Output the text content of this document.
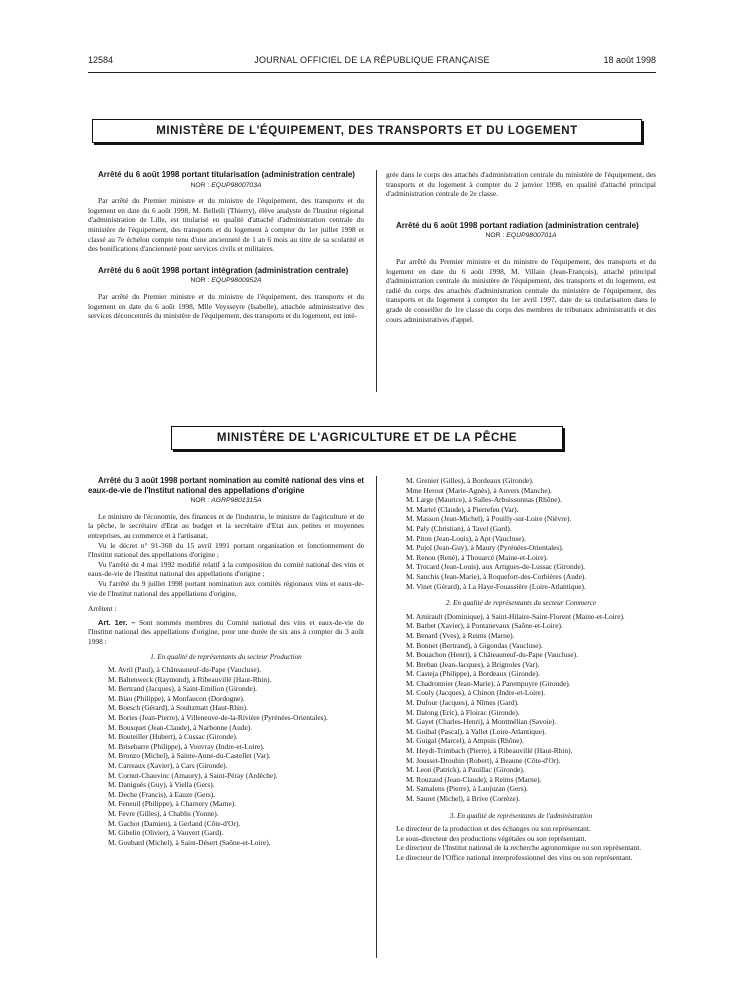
12584	JOURNAL OFFICIEL DE LA RÉPUBLIQUE FRANÇAISE	18 août 1998
MINISTÈRE DE L'ÉQUIPEMENT, DES TRANSPORTS ET DU LOGEMENT

Arrêté du 6 août 1998 portant titularisation (administration centrale)

NOR : EQUP9800703A

Par arrêté du Premier ministre et du ministre de l'équipement, des transports et du logement en date du 6 août 1998, M. Belleili (Thierry), élève analyste de l'Institut régional d'administration de Lille, est titularisé en qualité d'attaché d'administration centrale du ministère de l'équipement, des transports et du logement à compter du 1er juillet 1998 et classé au 7e échelon compte tenu d'une ancienneté de 1 an 6 mois au titre de sa scolarité et des bonifications d'ancienneté pour services civils et militaires.

Arrêté du 6 août 1998 portant intégration (administration centrale)

NOR : EQUP9800952A

Par arrêté du Premier ministre et du ministre de l'équipement, des transports et du logement en date du 6 août 1998, Mlle Veysseyre (Isabelle), attachée administrative des services déconcentrés du ministère de l'équipement, des transports et du logement, est inté-

grée dans le corps des attachés d'administration centrale du ministère de l'équipement, des transports et du logement à compter du 2 janvier 1998, en qualité d'attaché principal d'administration centrale de 2e classe.

Arrêté du 6 août 1998 portant radiation (administration centrale)

NOR : EQUP9800701A

Par arrêté du Premier ministre et du ministre de l'équipement, des transports et du logement en date du 6 août 1998, M. Villain (Jean-François), attaché principal d'administration centrale du ministère de l'équipement, des transports et du logement, est radié du corps des attachés d'administration centrale du ministère de l'équipement, des transports et du logement à compter du 1er avril 1997, date de sa titularisation dans le grade de conseiller de 1re classe du corps des membres de tribunaux administratifs et des cours administratives d'appel.

MINISTÈRE DE L'AGRICULTURE ET DE LA PÊCHE

Arrêté du 3 août 1998 portant nomination au comité national des vins et eaux-de-vie de l'Institut national des appellations d'origine

NOR : AGRP9801315A

Le ministre de l'économie, des finances et de l'industrie, le ministre de l'agriculture et de la pêche, le secrétaire d'Etat au budget et la secrétaire d'Etat aux petites et moyennes entreprises, au commerce et à l'artisanat,

Vu le décret n° 91-368 du 15 avril 1991 portant organisation et fonctionnement de l'Institut national des appellations d'origine ;

Vu l'arrêté du 4 mai 1992 modifié relatif à la composition du comité national des vins et eaux-de-vie de l'Institut national des appellations d'origine ;

Vu l'arrêté du 9 juillet 1998 portant nomination aux comités régionaux vins et eaux-de-vie de l'Institut national des appellations d'origine,

Arrêtent :

Art. 1er. – Sont nommés membres du Comité national des vins et eaux-de-vie de l'Institut national des appellations d'origine, pour une durée de six ans à compter du 3 août 1998 :

1. En qualité de représentants du secteur Production

M. Avril (Paul), à Châteauneuf-du-Pape (Vaucluse).

M. Baltenweck (Raymond), à Ribeauvillé (Haut-Rhin).

M. Bertrand (Jacques), à Saint-Emilion (Gironde).

M. Biau (Philippe), à Monfaucon (Dordogne).

M. Boesch (Gérard), à Soultzmatt (Haut-Rhin).

M. Bories (Jean-Pierre), à Villeneuve-de-la-Rivière (Pyrénées-Orientales).

M. Bousquet (Jean-Claude), à Narbonne (Aude).

M. Bouteiller (Hubert), à Cussac (Gironde).

M. Brisebarre (Philippe), à Vouvray (Indre-et-Loire).

M. Bronzo (Michel), à Sainte-Anne-du-Castellet (Var).

M. Carreaux (Xavier), à Cars (Gironde).

M. Cornut-Chauvinc (Amaury), à Saint-Péray (Ardèche).

M. Daniguès (Guy), à Viella (Gers).

M. Deche (Francis), à Eauze (Gers).

M. Feneuil (Philippe), à Charnery (Marne).

M. Fevre (Gilles), à Chablis (Yonne).

M. Gachot (Damien), à Gerland (Côte-d'Or).

M. Gibelin (Olivier), à Vauvert (Gard).

M. Goubard (Michel), à Saint-Désert (Saône-et-Loire).

M. Grenier (Gilles), à Bordeaux (Gironde).

Mme Herout (Marie-Agnès), à Auvers (Manche).

M. Large (Maurice), à Salles-Arbuissonnas (Rhône).

M. Martel (Claude), à Pierrefeu (Var).

M. Masson (Jean-Michel), à Pouilly-sur-Loire (Nièvre).

M. Paly (Christian), à Tavel (Gard).

M. Piton (Jean-Louis), à Apt (Vaucluse).

M. Pujol (Jean-Guy), à Maury (Pyrénées-Orientales).

M. Renou (René), à Thouarcé (Maine-et-Loire).

M. Trocard (Jean-Louis), aux Artigues-de-Lussac (Gironde).

M. Sanchis (Jean-Marie), à Roquefort-des-Corbières (Aude).

M. Vinet (Gérard), à La Haye-Fouassière (Loire-Atlantique).

2. En qualité de représentants du secteur Commerce

M. Amirault (Dominique), à Saint-Hilaire-Saint-Florent (Maine-et-Loire).

M. Barbet (Xavier), à Pontanevaux (Saône-et-Loire).

M. Benard (Yves), à Reims (Marne).

M. Bonnet (Bertrand), à Gigondas (Vaucluse).

M. Bouachon (Henri), à Châteauneuf-du-Pape (Vaucluse).

M. Breban (Jean-Jacques), à Brignoles (Var).

M. Casteja (Philippe), à Bordeaux (Gironde).

M. Chadronnier (Jean-Marie), à Parempuyre (Gironde).

M. Couly (Jacques), à Chinon (Indre-et-Loire).

M. Dufour (Jacques), à Nîmes (Gard).

M. Dalong (Eric), à Floirac (Gironde).

M. Gayet (Charles-Henri), à Montmélian (Savoie).

M. Guibal (Pascal), à Vallet (Loire-Atlantique).

M. Guigal (Marcel), à Ampuis (Rhône).

M. Heydt-Trimbach (Pierre), à Ribeauvillé (Haut-Rhin).

M. Jousset-Drouhin (Robert), à Beaune (Côte-d'Or).

M. Leon (Patrick), à Pauillac (Gironde).

M. Rouzaud (Jean-Claude), à Reims (Marne).

M. Samalens (Pierre), à Laujuzan (Gers).

M. Sauret (Michel), à Brive (Corrèze).

3. En qualité de représentants de l'administration

Le directeur de la production et des échanges ou son représentant.

Le sous-directeur des productions végétales ou son représentant.

Le directeur de l'Institut national de la recherche agronomique ou son représentant.

Le directeur de l'Office national interprofessionnel des vins ou son représentant.
